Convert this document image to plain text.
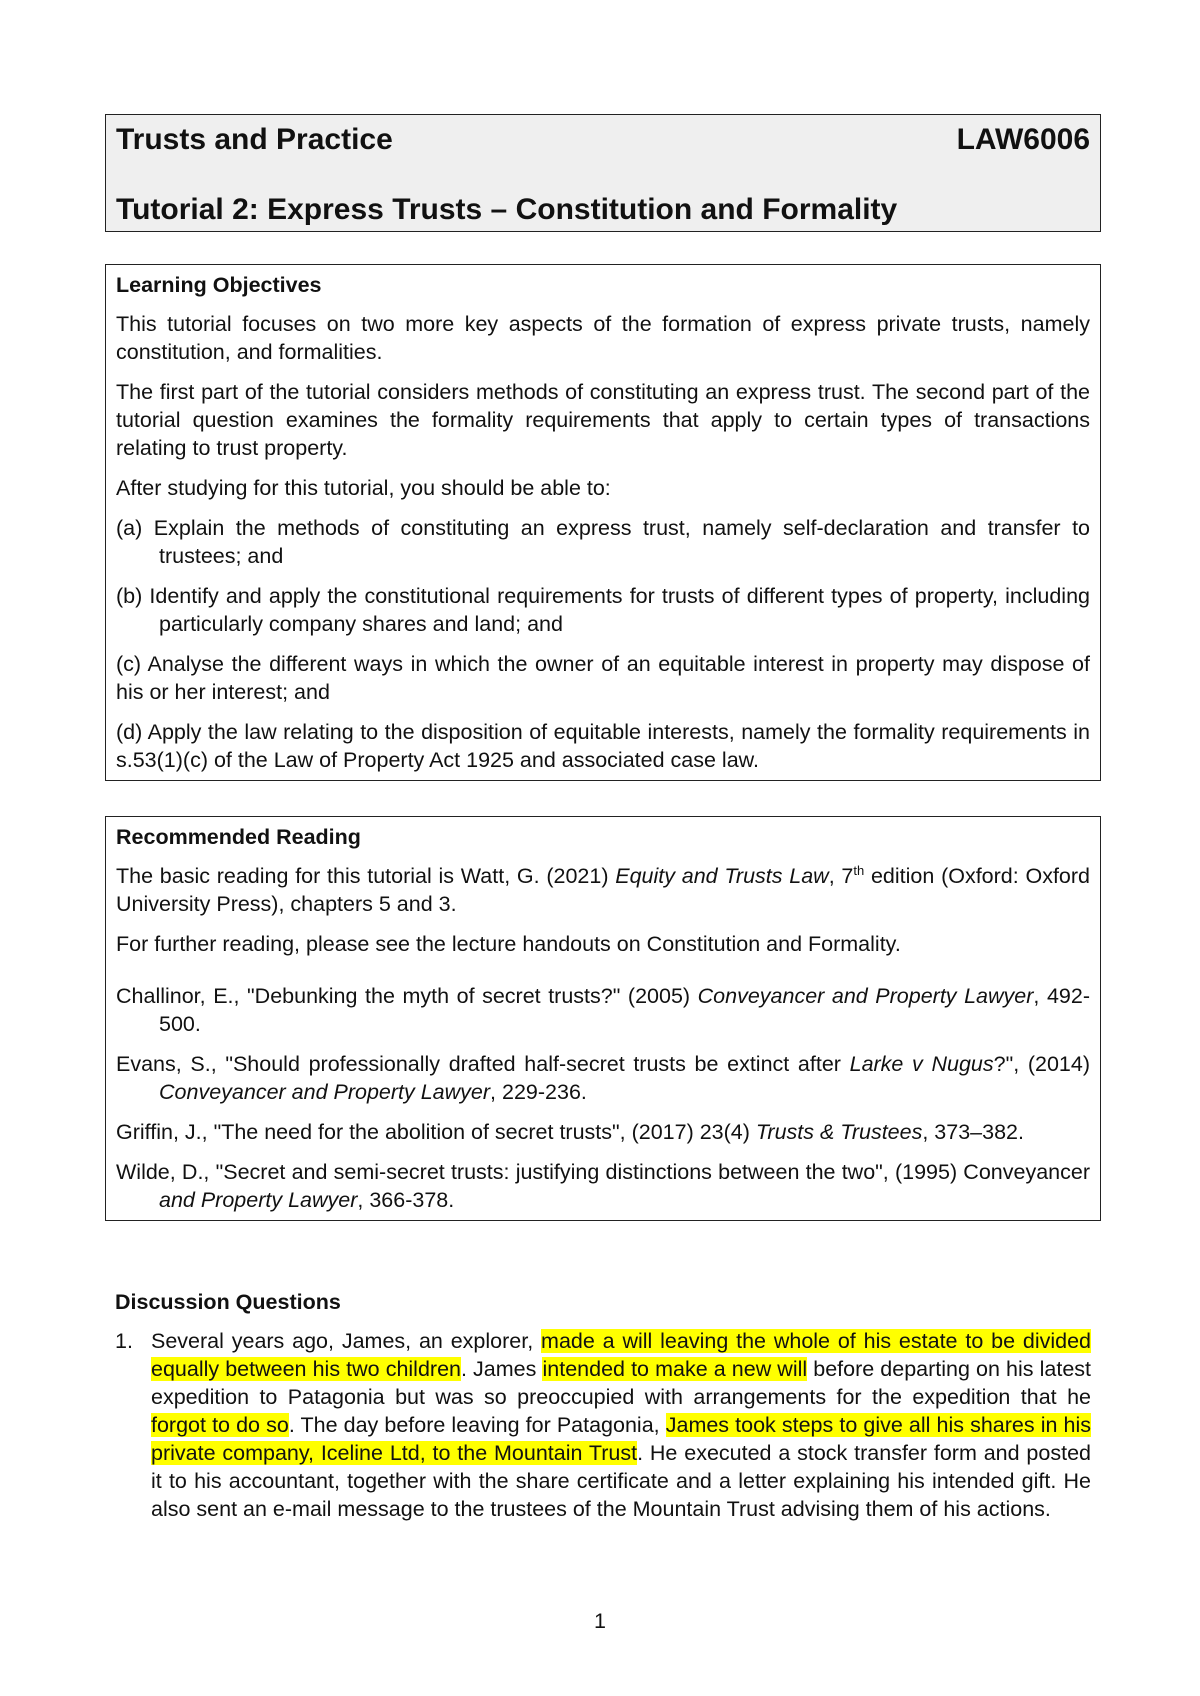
Trusts and Practice	LAW6006
Tutorial 2: Express Trusts – Constitution and Formality
Learning Objectives

This tutorial focuses on two more key aspects of the formation of express private trusts, namely constitution, and formalities.

The first part of the tutorial considers methods of constituting an express trust. The second part of the tutorial question examines the formality requirements that apply to certain types of transactions relating to trust property.

After studying for this tutorial, you should be able to:

(a) Explain the methods of constituting an express trust, namely self-declaration and transfer to trustees; and

(b) Identify and apply the constitutional requirements for trusts of different types of property, including particularly company shares and land; and

(c) Analyse the different ways in which the owner of an equitable interest in property may dispose of his or her interest; and

(d) Apply the law relating to the disposition of equitable interests, namely the formality requirements in s.53(1)(c) of the Law of Property Act 1925 and associated case law.

Recommended Reading

The basic reading for this tutorial is Watt, G. (2021) Equity and Trusts Law, 7th edition (Oxford: Oxford University Press), chapters 5 and 3.

For further reading, please see the lecture handouts on Constitution and Formality.

Challinor, E., "Debunking the myth of secret trusts?" (2005) Conveyancer and Property Lawyer, 492-500.

Evans, S., "Should professionally drafted half-secret trusts be extinct after Larke v Nugus?", (2014) Conveyancer and Property Lawyer, 229-236.

Griffin, J., "The need for the abolition of secret trusts", (2017) 23(4) Trusts & Trustees, 373–382.

Wilde, D., "Secret and semi-secret trusts: justifying distinctions between the two", (1995) Conveyancer and Property Lawyer, 366-378.

Discussion Questions
1. Several years ago, James, an explorer, made a will leaving the whole of his estate to be divided equally between his two children. James intended to make a new will before departing on his latest expedition to Patagonia but was so preoccupied with arrangements for the expedition that he forgot to do so. The day before leaving for Patagonia, James took steps to give all his shares in his private company, Iceline Ltd, to the Mountain Trust. He executed a stock transfer form and posted it to his accountant, together with the share certificate and a letter explaining his intended gift. He also sent an e-mail message to the trustees of the Mountain Trust advising them of his actions.
1
